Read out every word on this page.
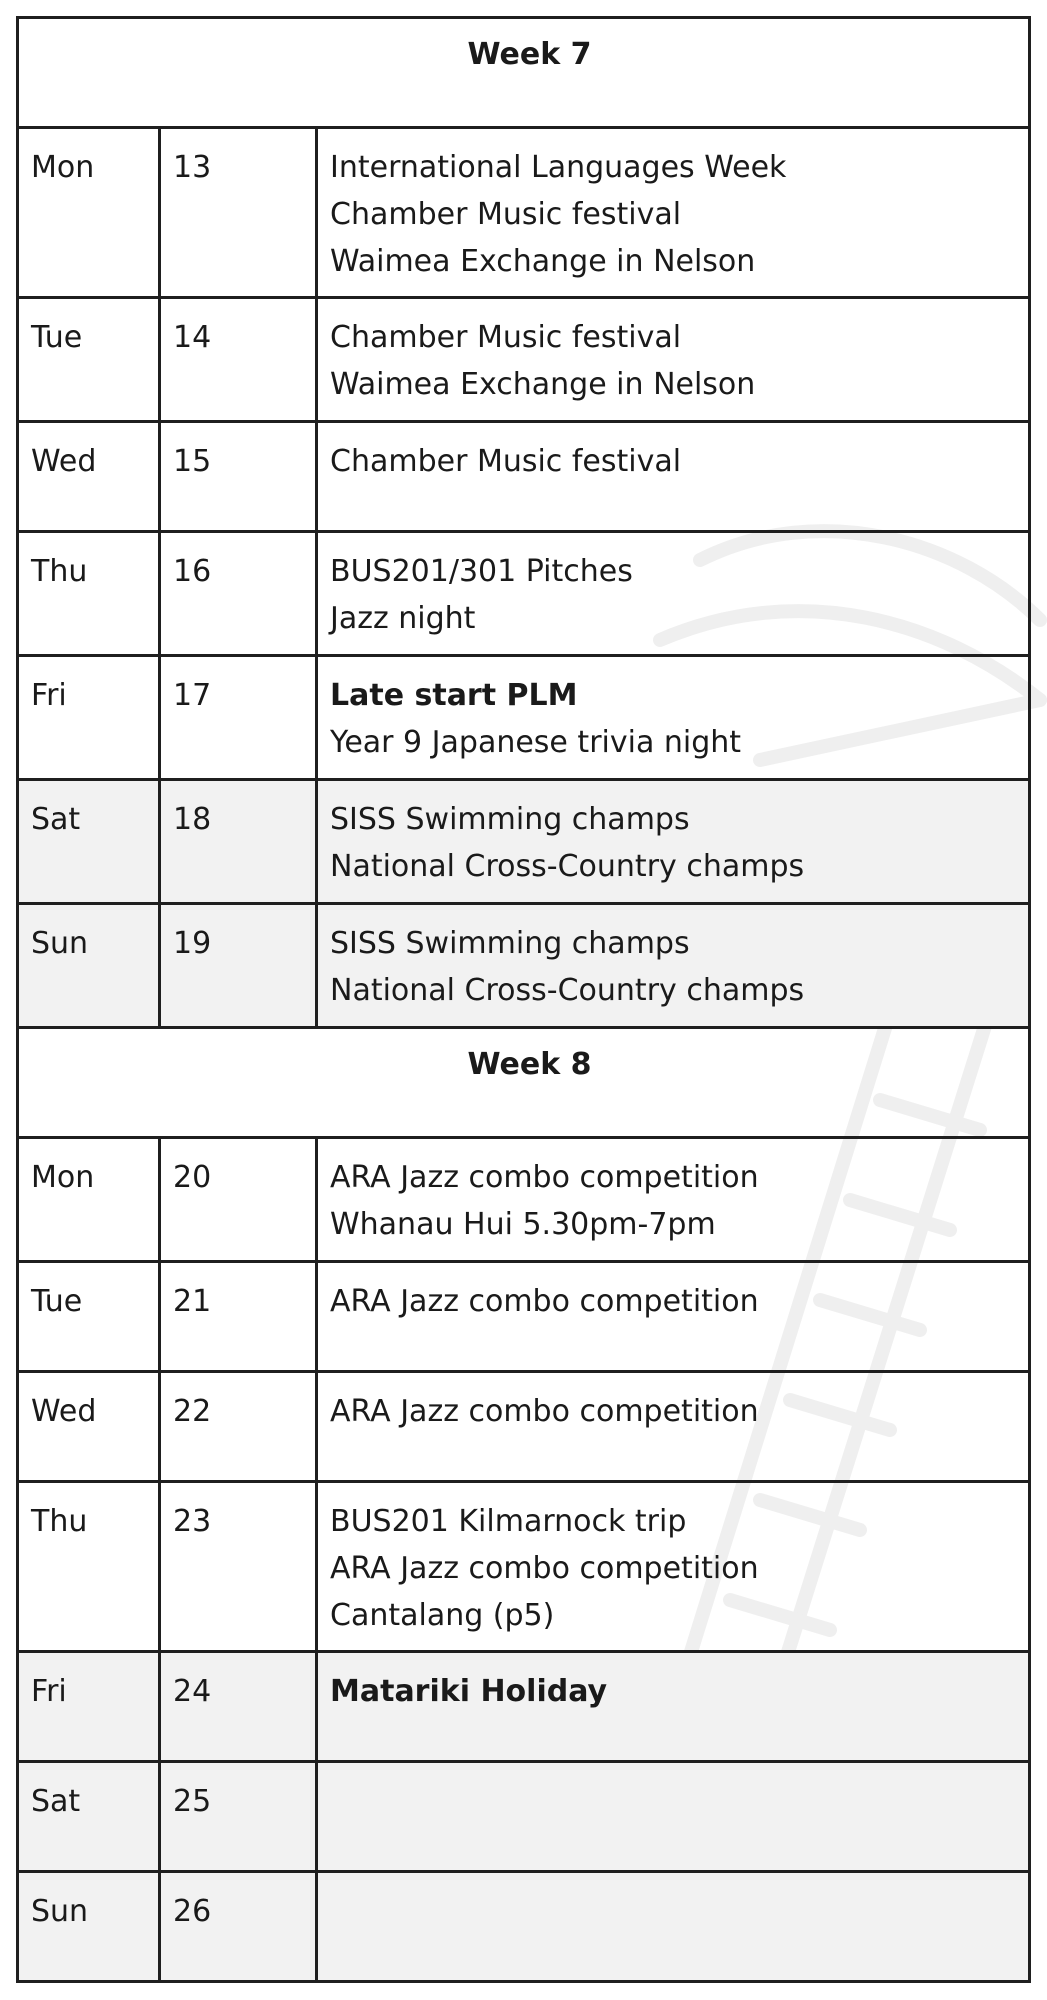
Week 7		
Mon	13	International Languages Week
Chamber Music festival
Waimea Exchange in Nelson

Tue	14	Chamber Music festival
Waimea Exchange in Nelson

Wed	15	Chamber Music festival

Thu	16	BUS201/301 Pitches
Jazz night

Fri	17	Late start PLM
Year 9 Japanese trivia night

Sat	18	SISS Swimming champs
National Cross-Country champs

Sun	19	SISS Swimming champs
National Cross-Country champs

Week 8		
Mon	20	ARA Jazz combo competition
Whanau Hui 5.30pm-7pm

Tue	21	ARA Jazz combo competition

Wed	22	ARA Jazz combo competition

Thu	23	BUS201 Kilmarnock trip
ARA Jazz combo competition
Cantalang (p5)

Fri	24	Matariki Holiday

Sat	25	
Sun	26	
